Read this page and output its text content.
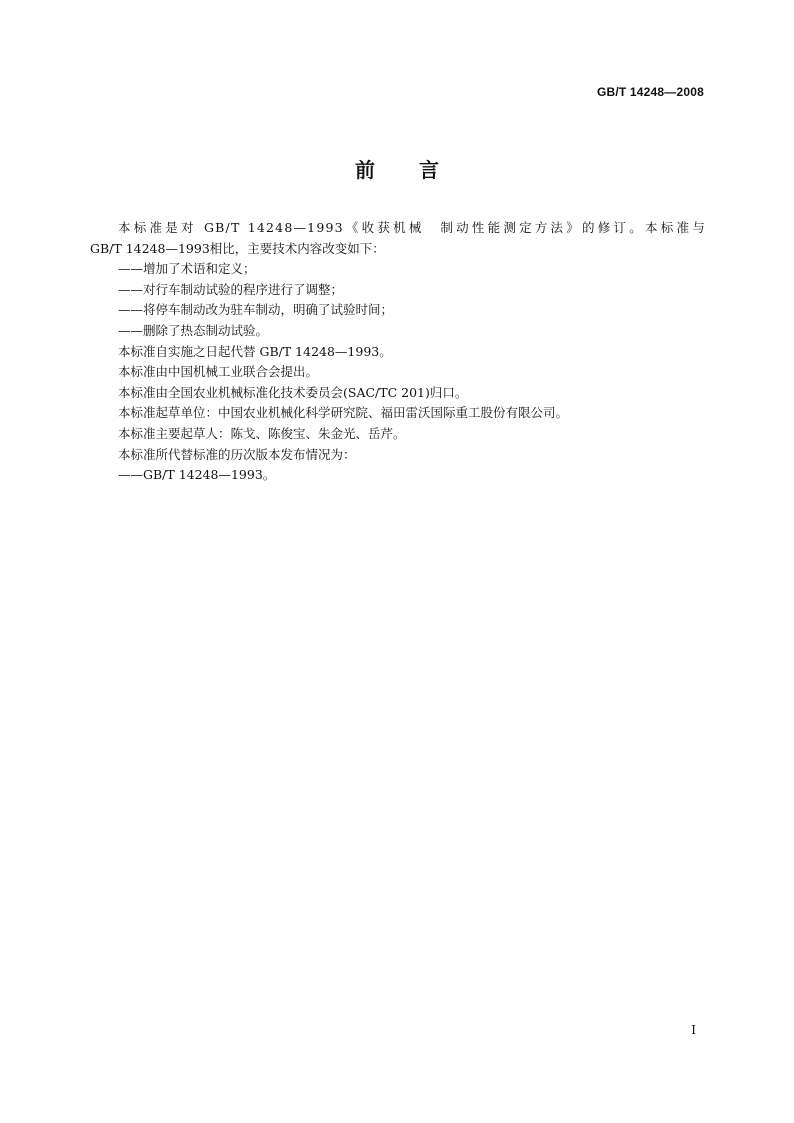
GB/T 14248—2008
前言

本标准是对 GB/T 14248—1993《收获机械　制动性能测定方法》的修订。本标准与

GB/T 14248—1993相比，主要技术内容改变如下：

——增加了术语和定义；

——对行车制动试验的程序进行了调整；

——将停车制动改为驻车制动，明确了试验时间；

——删除了热态制动试验。

本标准自实施之日起代替 GB/T 14248—1993。

本标准由中国机械工业联合会提出。

本标准由全国农业机械标准化技术委员会(SAC/TC 201)归口。

本标准起草单位：中国农业机械化科学研究院、福田雷沃国际重工股份有限公司。

本标准主要起草人：陈戈、陈俊宝、朱金光、岳芹。

本标准所代替标准的历次版本发布情况为：

——GB/T 14248—1993。

I
